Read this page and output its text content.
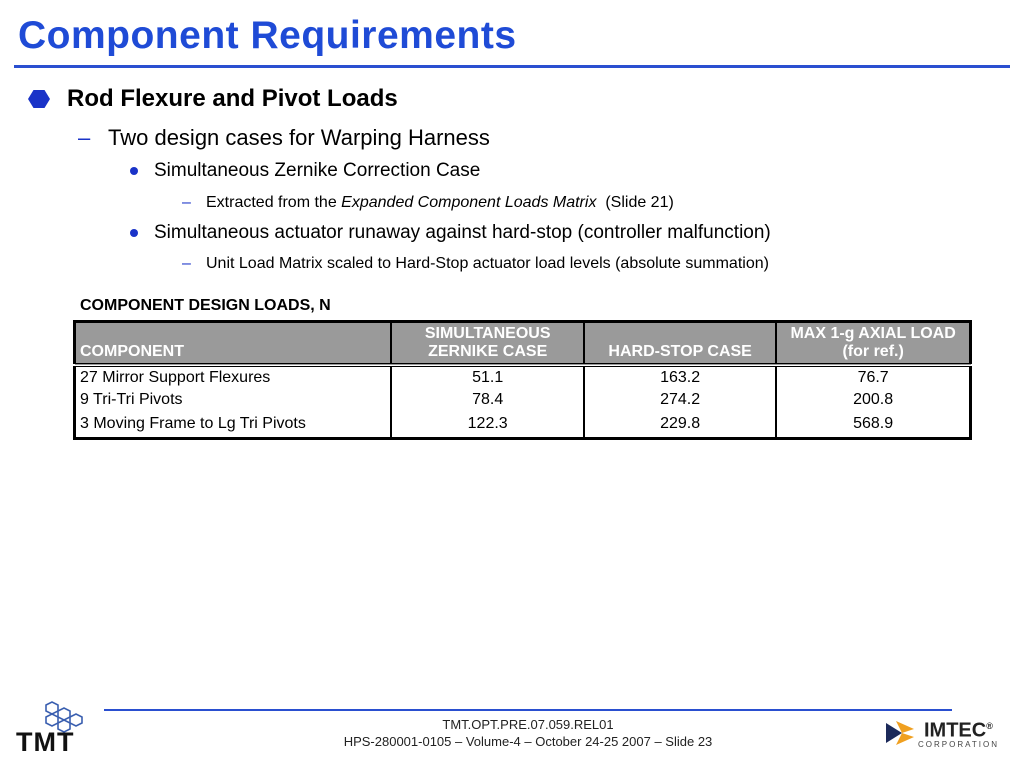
Component Requirements
Rod Flexure and Pivot Loads
– Two design cases for Warping Harness
Simultaneous Zernike Correction Case
– Extracted from the Expanded Component Loads Matrix  (Slide 21)
Simultaneous actuator runaway against hard-stop (controller malfunction)
– Unit Load Matrix scaled to Hard-Stop actuator load levels (absolute summation)
COMPONENT DESIGN LOADS, N
COMPONENT	SIMULTANEOUS ZERNIKE CASE	HARD-STOP CASE	MAX 1-g AXIAL LOAD (for ref.)
27 Mirror Support Flexures	51.1	163.2	76.7
9 Tri-Tri Pivots	78.4	274.2	200.8
3 Moving Frame to Lg Tri Pivots	122.3	229.8	568.9
TMT
TMT.OPT.PRE.07.059.REL01
HPS-280001-0105 – Volume-4 – October 24-25 2007 – Slide 23	IMTEC®
CORPORATION
